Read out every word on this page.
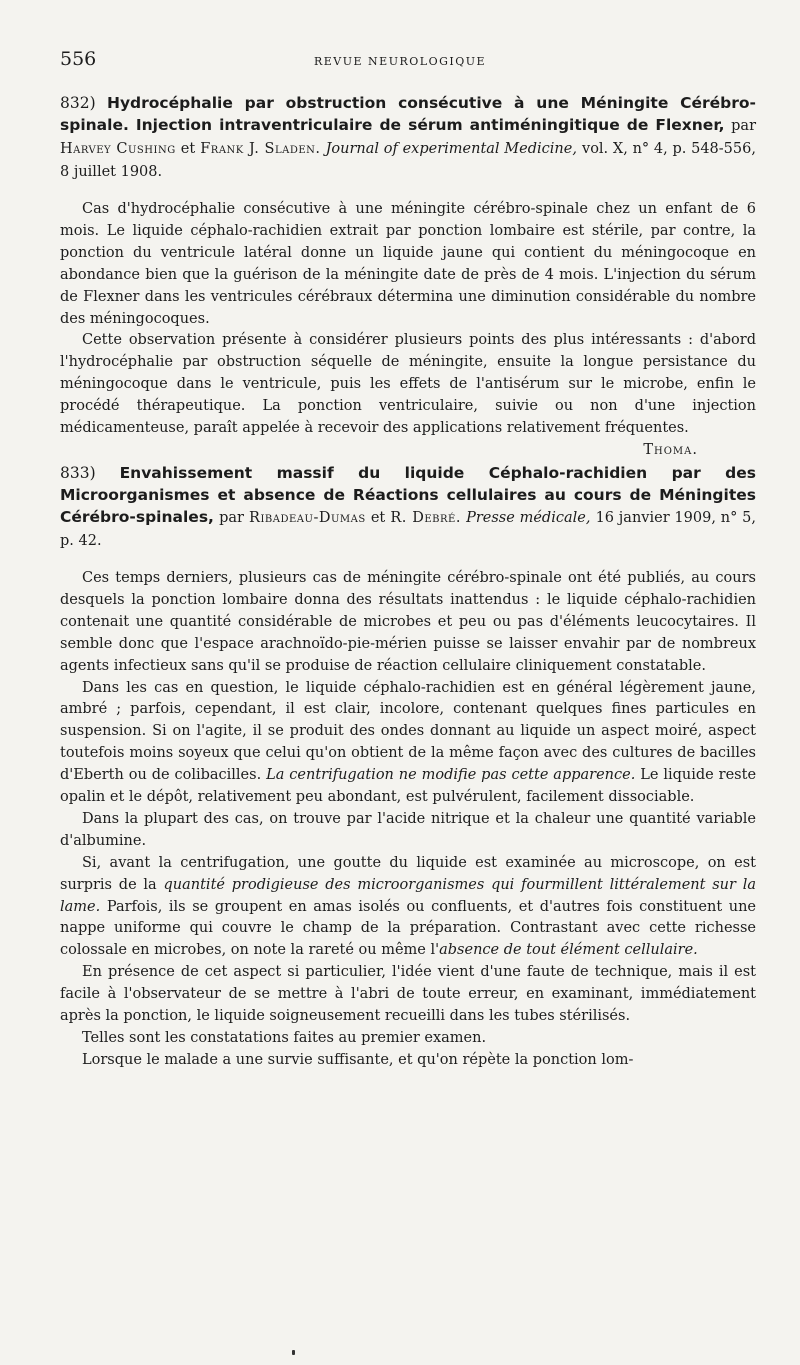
556	REVUE NEUROLOGIQUE

832) Hydrocéphalie par obstruction consécutive à une Méningite Cérébro-spinale. Injection intraventriculaire de sérum antiméningitique de Flexner, par Harvey Cushing et Frank J. Sladen. Journal of experimental Medicine, vol. X, n° 4, p. 548-556, 8 juillet 1908.

Cas d'hydrocéphalie consécutive à une méningite cérébro-spinale chez un enfant de 6 mois. Le liquide céphalo-rachidien extrait par ponction lombaire est stérile, par contre, la ponction du ventricule latéral donne un liquide jaune qui contient du méningocoque en abondance bien que la guérison de la méningite date de près de 4 mois. L'injection du sérum de Flexner dans les ventricules cérébraux détermina une diminution considérable du nombre des méningocoques.

Cette observation présente à considérer plusieurs points des plus intéressants : d'abord l'hydrocéphalie par obstruction séquelle de méningite, ensuite la longue persistance du méningocoque dans le ventricule, puis les effets de l'antisérum sur le microbe, enfin le procédé thérapeutique. La ponction ventriculaire, suivie ou non d'une injection médicamenteuse, paraît appelée à recevoir des applications relativement fréquentes.
Thoma.

833) Envahissement massif du liquide Céphalo-rachidien par des Microorganismes et absence de Réactions cellulaires au cours de Méningites Cérébro-spinales, par Ribadeau-Dumas et R. Debré. Presse médicale, 16 janvier 1909, n° 5, p. 42.

Ces temps derniers, plusieurs cas de méningite cérébro-spinale ont été publiés, au cours desquels la ponction lombaire donna des résultats inattendus : le liquide céphalo-rachidien contenait une quantité considérable de microbes et peu ou pas d'éléments leucocytaires. Il semble donc que l'espace arachnoïdo-pie-mérien puisse se laisser envahir par de nombreux agents infectieux sans qu'il se produise de réaction cellulaire cliniquement constatable.

Dans les cas en question, le liquide céphalo-rachidien est en général légèrement jaune, ambré ; parfois, cependant, il est clair, incolore, contenant quelques fines particules en suspension. Si on l'agite, il se produit des ondes donnant au liquide un aspect moiré, aspect toutefois moins soyeux que celui qu'on obtient de la même façon avec des cultures de bacilles d'Eberth ou de colibacilles. La centrifugation ne modifie pas cette apparence. Le liquide reste opalin et le dépôt, relativement peu abondant, est pulvérulent, facilement dissociable.

Dans la plupart des cas, on trouve par l'acide nitrique et la chaleur une quantité variable d'albumine.

Si, avant la centrifugation, une goutte du liquide est examinée au microscope, on est surpris de la quantité prodigieuse des microorganismes qui fourmillent littéralement sur la lame. Parfois, ils se groupent en amas isolés ou confluents, et d'autres fois constituent une nappe uniforme qui couvre le champ de la préparation. Contrastant avec cette richesse colossale en microbes, on note la rareté ou même l'absence de tout élément cellulaire.

En présence de cet aspect si particulier, l'idée vient d'une faute de technique, mais il est facile à l'observateur de se mettre à l'abri de toute erreur, en examinant, immédiatement après la ponction, le liquide soigneusement recueilli dans les tubes stérilisés.

Telles sont les constatations faites au premier examen.

Lorsque le malade a une survie suffisante, et qu'on répète la ponction lom-
